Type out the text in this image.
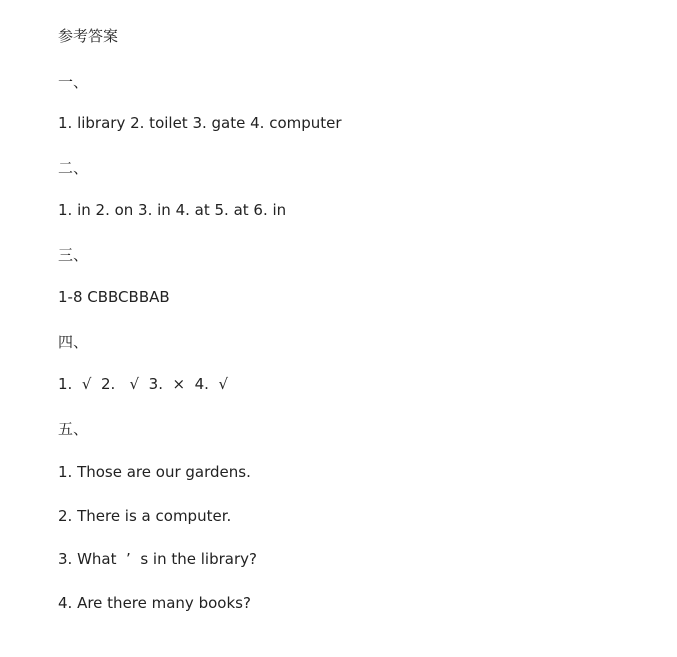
参考答案
一、
1. library 2. toilet 3. gate 4. computer
二、
1. in 2. on 3. in 4. at 5. at 6. in
三、
1-8 CBBCBBAB
四、
1.  √  2.   √  3.  ×  4.  √
五、
1. Those are our gardens.
2. There is a computer.
3. What  ’  s in the library?
4. Are there many books?
